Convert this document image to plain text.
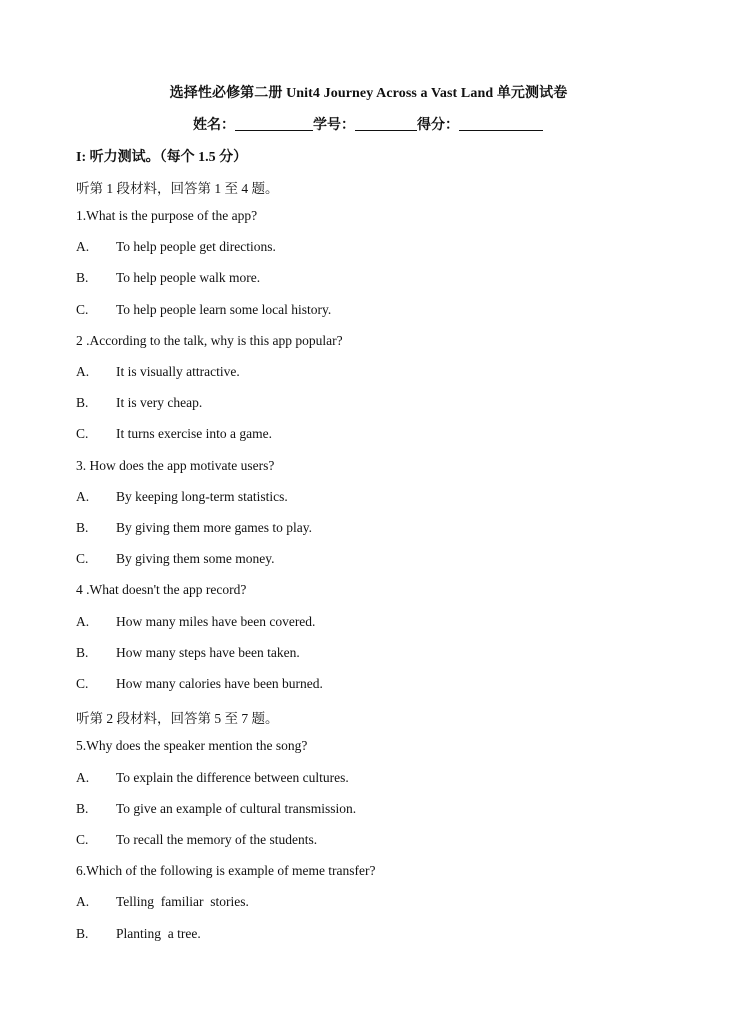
选择性必修第二册 Unit4 Journey Across a Vast Land 单元测试卷
姓名：	学号：	得分：
I: 听力测试。（每个 1.5 分）
听第 1 段材料，回答第 1 至 4 题。
1.What is the purpose of the app?
A. To help people get directions.
B. To help people walk more.
C. To help people learn some local history.
2 .According to the talk, why is this app popular?
A. It is visually attractive.
B. It is very cheap.
C. It turns exercise into a game.
3. How does the app motivate users?
A. By keeping long-term statistics.
B. By giving them more games to play.
C. By giving them some money.
4 .What doesn't the app record?
A. How many miles have been covered.
B. How many steps have been taken.
C. How many calories have been burned.
听第 2 段材料，回答第 5 至 7 题。
5.Why does the speaker mention the song?
A. To explain the difference between cultures.
B. To give an example of cultural transmission.
C. To recall the memory of the students.
6.Which of the following is example of meme transfer?
A. Telling  familiar  stories.
B. Planting  a tree.
